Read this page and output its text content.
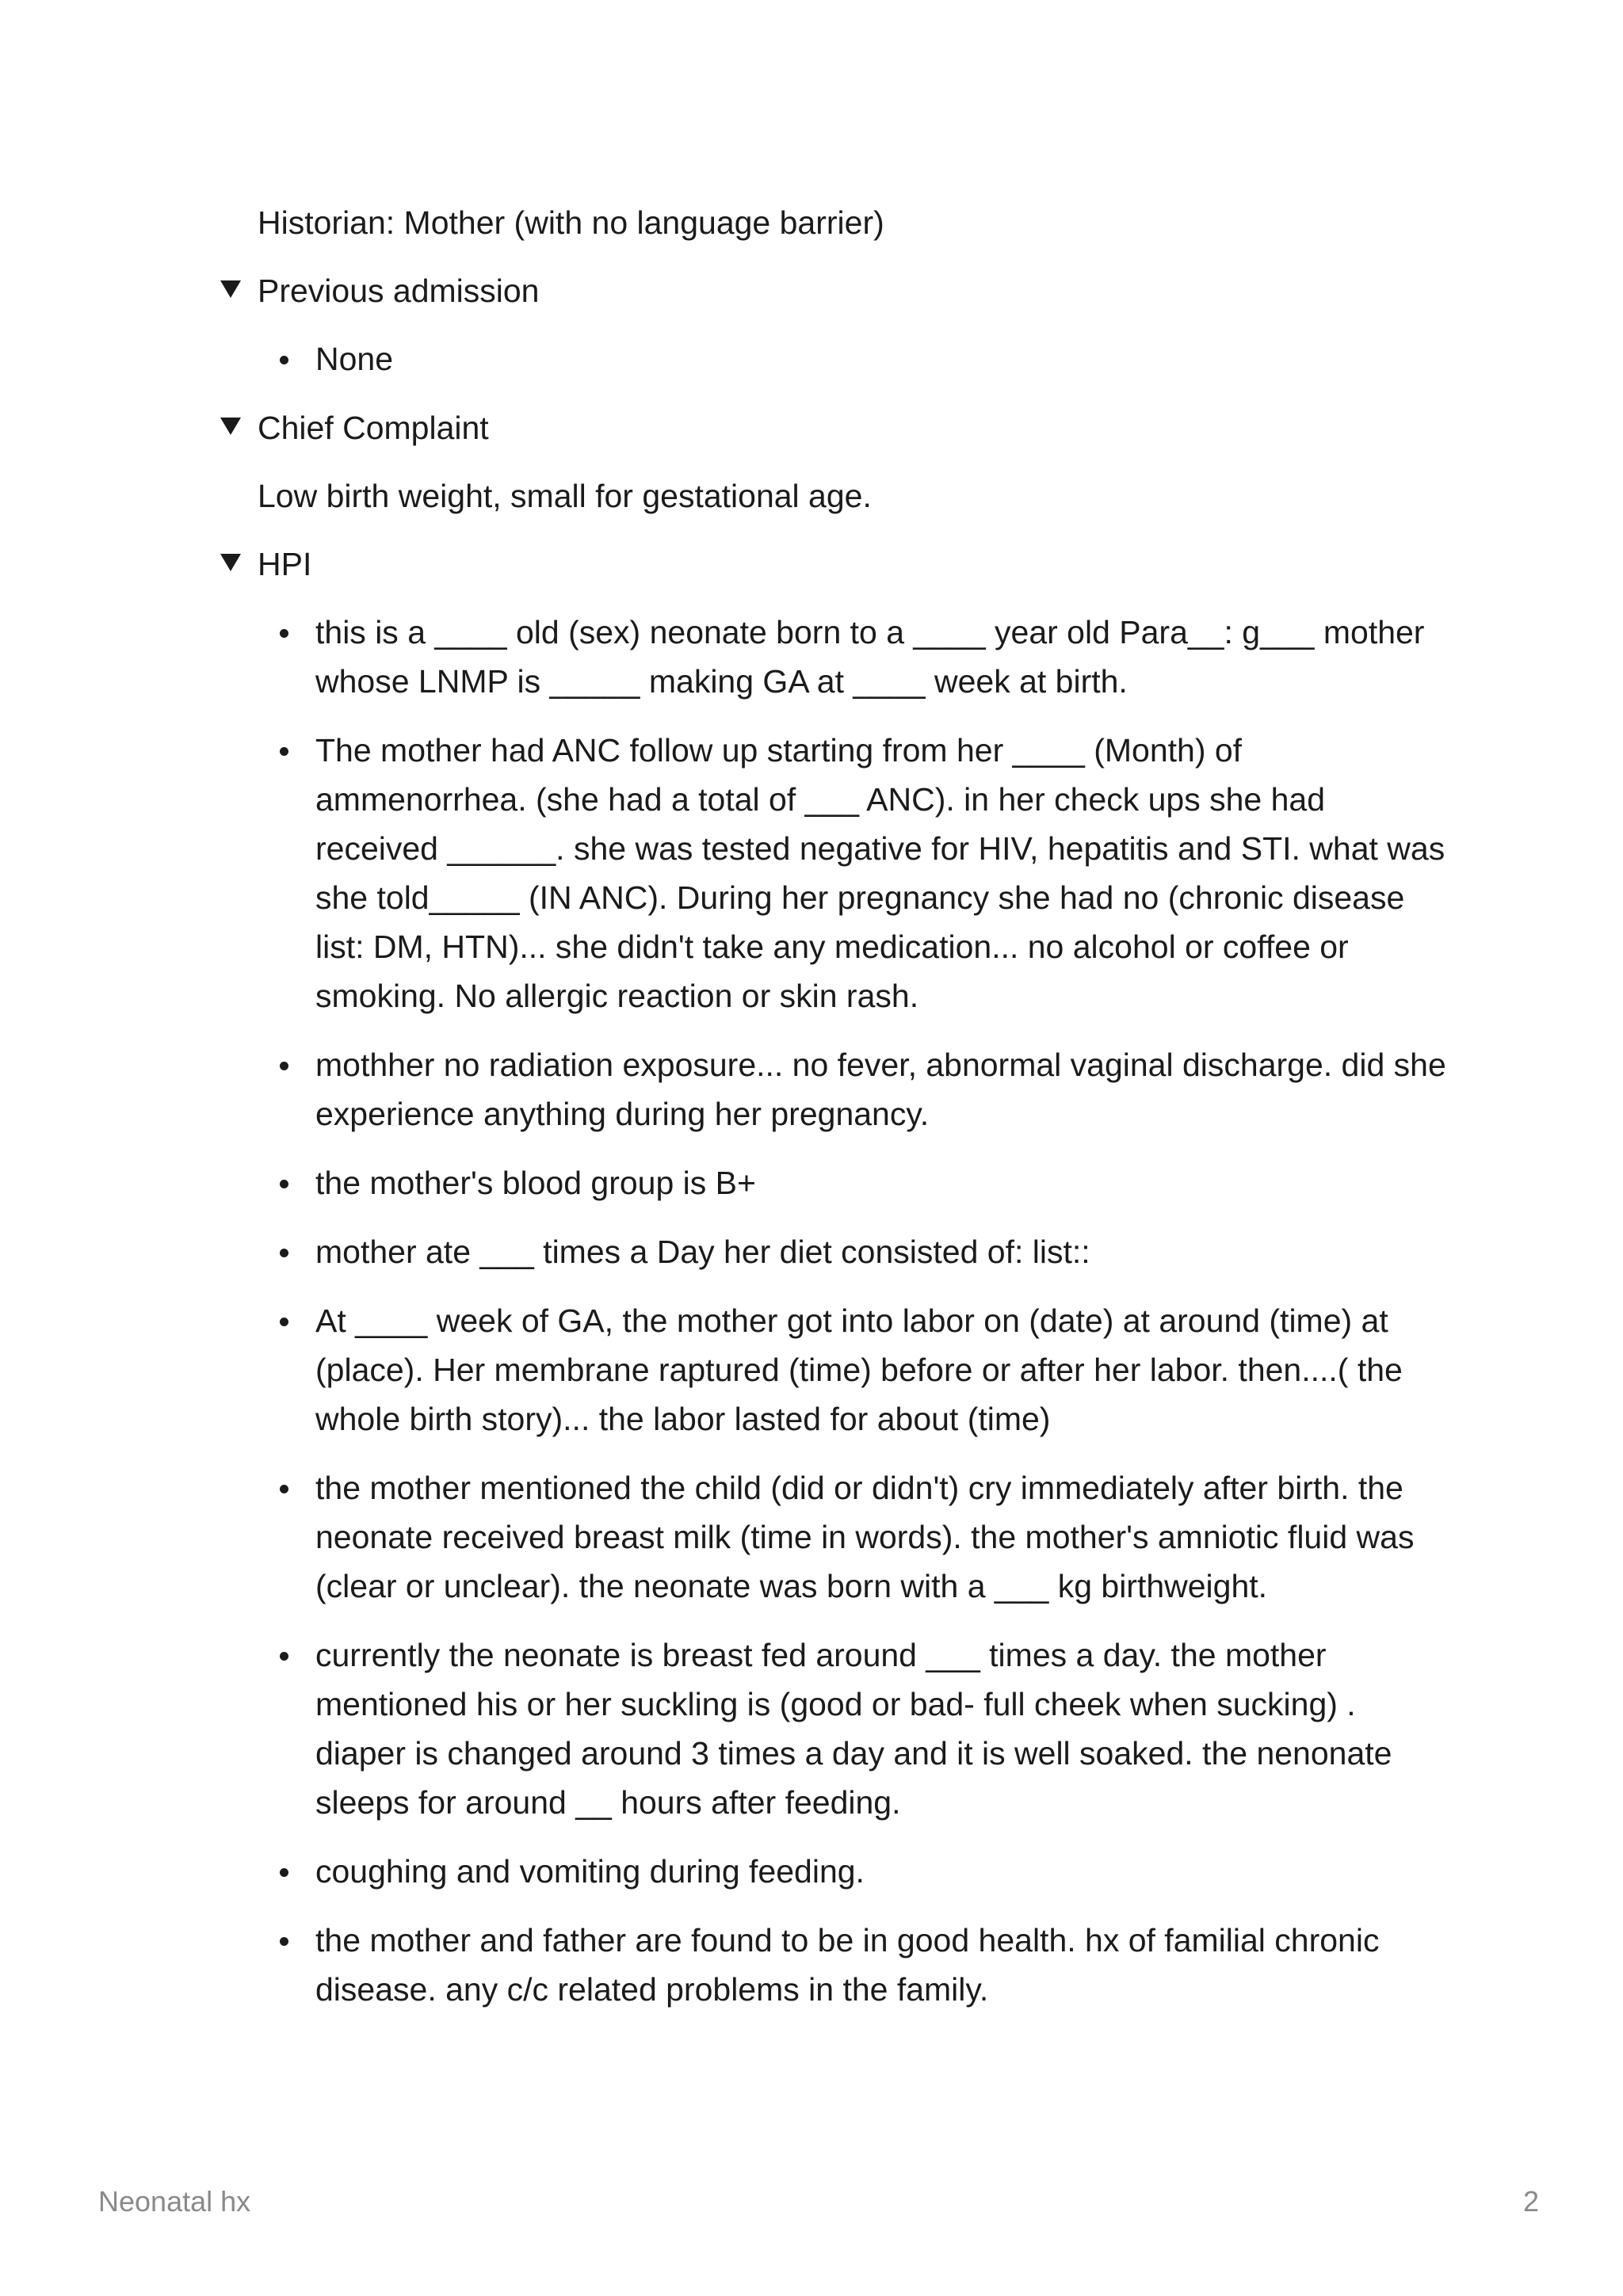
Historian: Mother (with no language barrier)

Previous admission
None
Chief Complaint

Low birth weight, small for gestational age.

HPI
this is a ____ old (sex) neonate born to a ____ year old Para__: g___ mother whose LNMP is _____ making GA at ____ week at birth.
The mother had ANC follow up starting from her ____ (Month) of ammenorrhea. (she had a total of ___ ANC). in her check ups she had received ______. she was tested negative for HIV, hepatitis and STI. what was she told_____ (IN ANC). During her pregnancy she had no (chronic disease list: DM, HTN)... she didn't take any medication... no alcohol or coffee or smoking. No allergic reaction or skin rash.
mothher no radiation exposure... no fever, abnormal vaginal discharge. did she experience anything during her pregnancy.
the mother's blood group is B+
mother ate ___ times a Day her diet consisted of: list::
At ____ week of GA, the mother got into labor on (date) at around (time) at (place). Her membrane raptured (time) before or after her labor. then....( the whole birth story)... the labor lasted for about (time)
the mother mentioned the child (did or didn't) cry immediately after birth. the neonate received breast milk (time in words). the mother's amniotic fluid was (clear or unclear). the neonate was born with a ___ kg birthweight.
currently the neonate is breast fed around ___ times a day. the mother mentioned his or her suckling is (good or bad- full cheek when sucking) . diaper is changed around 3 times a day and it is well soaked. the nenonate sleeps for around __ hours after feeding.
coughing and vomiting during feeding.
the mother and father are found to be in good health. hx of familial chronic disease. any c/c related problems in the family.
Neonatal hx	2
